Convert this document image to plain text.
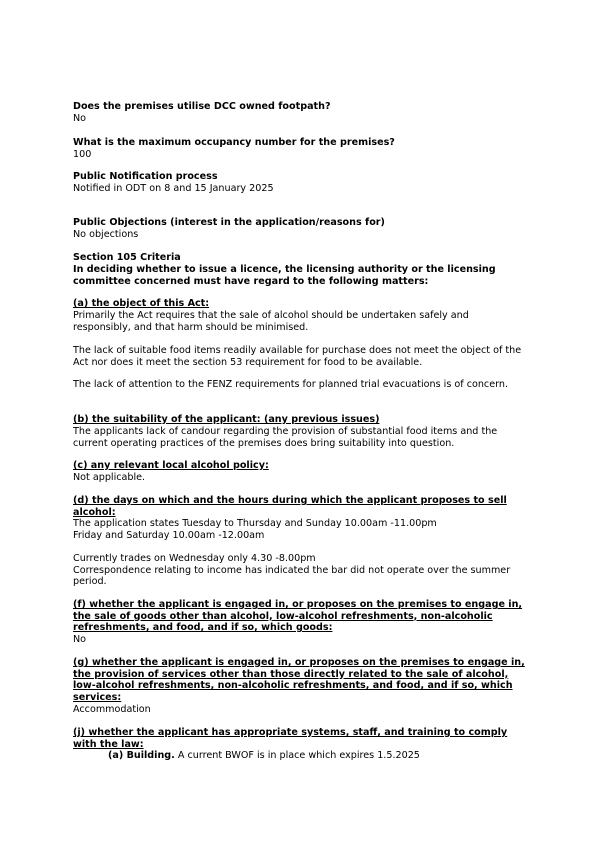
Does the premises utilise DCC owned footpath?
No
What is the maximum occupancy number for the premises?
100
Public Notification process
Notified in ODT on 8 and 15 January 2025
Public Objections (interest in the application/reasons for)
No objections
Section 105 Criteria
In deciding whether to issue a licence, the licensing authority or the licensing
committee concerned must have regard to the following matters:
(a) the object of this Act:
Primarily the Act requires that the sale of alcohol should be undertaken safely and
responsibly, and that harm should be minimised.
The lack of suitable food items readily available for purchase does not meet the object of the
Act nor does it meet the section 53 requirement for food to be available.
The lack of attention to the FENZ requirements for planned trial evacuations is of concern.
(b) the suitability of the applicant: (any previous issues)
The applicants lack of candour regarding the provision of substantial food items and the
current operating practices of the premises does bring suitability into question.
(c) any relevant local alcohol policy:
Not applicable.
(d) the days on which and the hours during which the applicant proposes to sell
alcohol:
The application states Tuesday to Thursday and Sunday 10.00am -11.00pm
Friday and Saturday 10.00am -12.00am
Currently trades on Wednesday only 4.30 -8.00pm
Correspondence relating to income has indicated the bar did not operate over the summer
period.
(f) whether the applicant is engaged in, or proposes on the premises to engage in,
the sale of goods other than alcohol, low-alcohol refreshments, non-alcoholic
refreshments, and food, and if so, which goods:
No
(g) whether the applicant is engaged in, or proposes on the premises to engage in,
the provision of services other than those directly related to the sale of alcohol,
low-alcohol refreshments, non-alcoholic refreshments, and food, and if so, which
services:
Accommodation
(j) whether the applicant has appropriate systems, staff, and training to comply
with the law:
(a) Building. A current BWOF is in place which expires 1.5.2025
